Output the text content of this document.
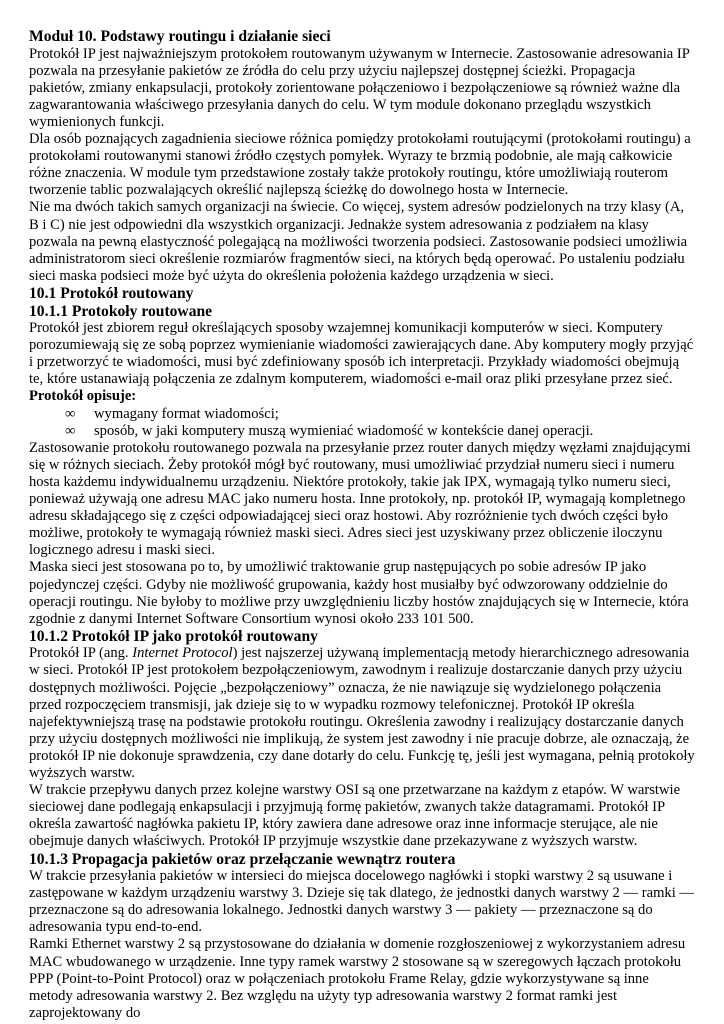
Moduł 10. Podstawy routingu i działanie sieci

Protokół IP jest najważniejszym protokołem routowanym używanym w Internecie. Zastosowanie adresowania IP pozwala na przesyłanie pakietów ze źródła do celu przy użyciu najlepszej dostępnej ścieżki. Propagacja pakietów, zmiany enkapsulacji, protokoły zorientowane połączeniowo i bezpołączeniowe są również ważne dla zagwarantowania właściwego przesyłania danych do celu. W tym module dokonano przeglądu wszystkich wymienionych funkcji.

Dla osób poznających zagadnienia sieciowe różnica pomiędzy protokołami routującymi (protokołami routingu) a protokołami routowanymi stanowi źródło częstych pomyłek. Wyrazy te brzmią podobnie, ale mają całkowicie różne znaczenia. W module tym przedstawione zostały także protokoły routingu, które umożliwiają routerom tworzenie tablic pozwalających określić najlepszą ścieżkę do dowolnego hosta w Internecie.

Nie ma dwóch takich samych organizacji na świecie. Co więcej, system adresów podzielonych na trzy klasy (A, B i C) nie jest odpowiedni dla wszystkich organizacji. Jednakże system adresowania z podziałem na klasy pozwala na pewną elastyczność polegającą na możliwości tworzenia podsieci. Zastosowanie podsieci umożliwia administratorom sieci określenie rozmiarów fragmentów sieci, na których będą operować. Po ustaleniu podziału sieci maska podsieci może być użyta do określenia położenia każdego urządzenia w sieci.

10.1 Protokół routowany

10.1.1 Protokoły routowane

Protokół jest zbiorem reguł określających sposoby wzajemnej komunikacji komputerów w sieci. Komputery porozumiewają się ze sobą poprzez wymienianie wiadomości zawierających dane. Aby komputery mogły przyjąć i przetworzyć te wiadomości, musi być zdefiniowany sposób ich interpretacji. Przykłady wiadomości obejmują te, które ustanawiają połączenia ze zdalnym komputerem, wiadomości e-mail oraz pliki przesyłane przez sieć.

Protokół opisuje:

∞ wymagany format wiadomości;
∞ sposób, w jaki komputery muszą wymieniać wiadomość w kontekście danej operacji.

Zastosowanie protokołu routowanego pozwala na przesyłanie przez router danych między węzłami znajdującymi się w różnych sieciach. Żeby protokół mógł być routowany, musi umożliwiać przydział numeru sieci i numeru hosta każdemu indywidualnemu urządzeniu. Niektóre protokoły, takie jak IPX, wymagają tylko numeru sieci, ponieważ używają one adresu MAC jako numeru hosta. Inne protokoły, np. protokół IP, wymagają kompletnego adresu składającego się z części odpowiadającej sieci oraz hostowi. Aby rozróżnienie tych dwóch części było możliwe, protokoły te wymagają również maski sieci. Adres sieci jest uzyskiwany przez obliczenie iloczynu logicznego adresu i maski sieci.

Maska sieci jest stosowana po to, by umożliwić traktowanie grup następujących po sobie adresów IP jako pojedynczej części. Gdyby nie możliwość grupowania, każdy host musiałby być odwzorowany oddzielnie do operacji routingu. Nie byłoby to możliwe przy uwzględnieniu liczby hostów znajdujących się w Internecie, która zgodnie z danymi Internet Software Consortium wynosi około 233 101 500.

10.1.2 Protokół IP jako protokół routowany

Protokół IP (ang. Internet Protocol) jest najszerzej używaną implementacją metody hierarchicznego adresowania w sieci. Protokół IP jest protokołem bezpołączeniowym, zawodnym i realizuje dostarczanie danych przy użyciu dostępnych możliwości. Pojęcie „bezpołączeniowy” oznacza, że nie nawiązuje się wydzielonego połączenia przed rozpoczęciem transmisji, jak dzieje się to w wypadku rozmowy telefonicznej. Protokół IP określa najefektywniejszą trasę na podstawie protokołu routingu. Określenia zawodny i realizujący dostarczanie danych przy użyciu dostępnych możliwości nie implikują, że system jest zawodny i nie pracuje dobrze, ale oznaczają, że protokół IP nie dokonuje sprawdzenia, czy dane dotarły do celu. Funkcję tę, jeśli jest wymagana, pełnią protokoły wyższych warstw.

W trakcie przepływu danych przez kolejne warstwy OSI są one przetwarzane na każdym z etapów. W warstwie sieciowej dane podlegają enkapsulacji i przyjmują formę pakietów, zwanych także datagramami. Protokół IP określa zawartość nagłówka pakietu IP, który zawiera dane adresowe oraz inne informacje sterujące, ale nie obejmuje danych właściwych. Protokół IP przyjmuje wszystkie dane przekazywane z wyższych warstw.

10.1.3 Propagacja pakietów oraz przełączanie wewnątrz routera

W trakcie przesyłania pakietów w intersieci do miejsca docelowego nagłówki i stopki warstwy 2 są usuwane i zastępowane w każdym urządzeniu warstwy 3. Dzieje się tak dlatego, że jednostki danych warstwy 2 — ramki — przeznaczone są do adresowania lokalnego. Jednostki danych warstwy 3 — pakiety — przeznaczone są do adresowania typu end-to-end.

Ramki Ethernet warstwy 2 są przystosowane do działania w domenie rozgłoszeniowej z wykorzystaniem adresu MAC wbudowanego w urządzenie. Inne typy ramek warstwy 2 stosowane są w szeregowych łączach protokołu PPP (Point-to-Point Protocol) oraz w połączeniach protokołu Frame Relay, gdzie wykorzystywane są inne metody adresowania warstwy 2. Bez względu na użyty typ adresowania warstwy 2 format ramki jest zaprojektowany do
